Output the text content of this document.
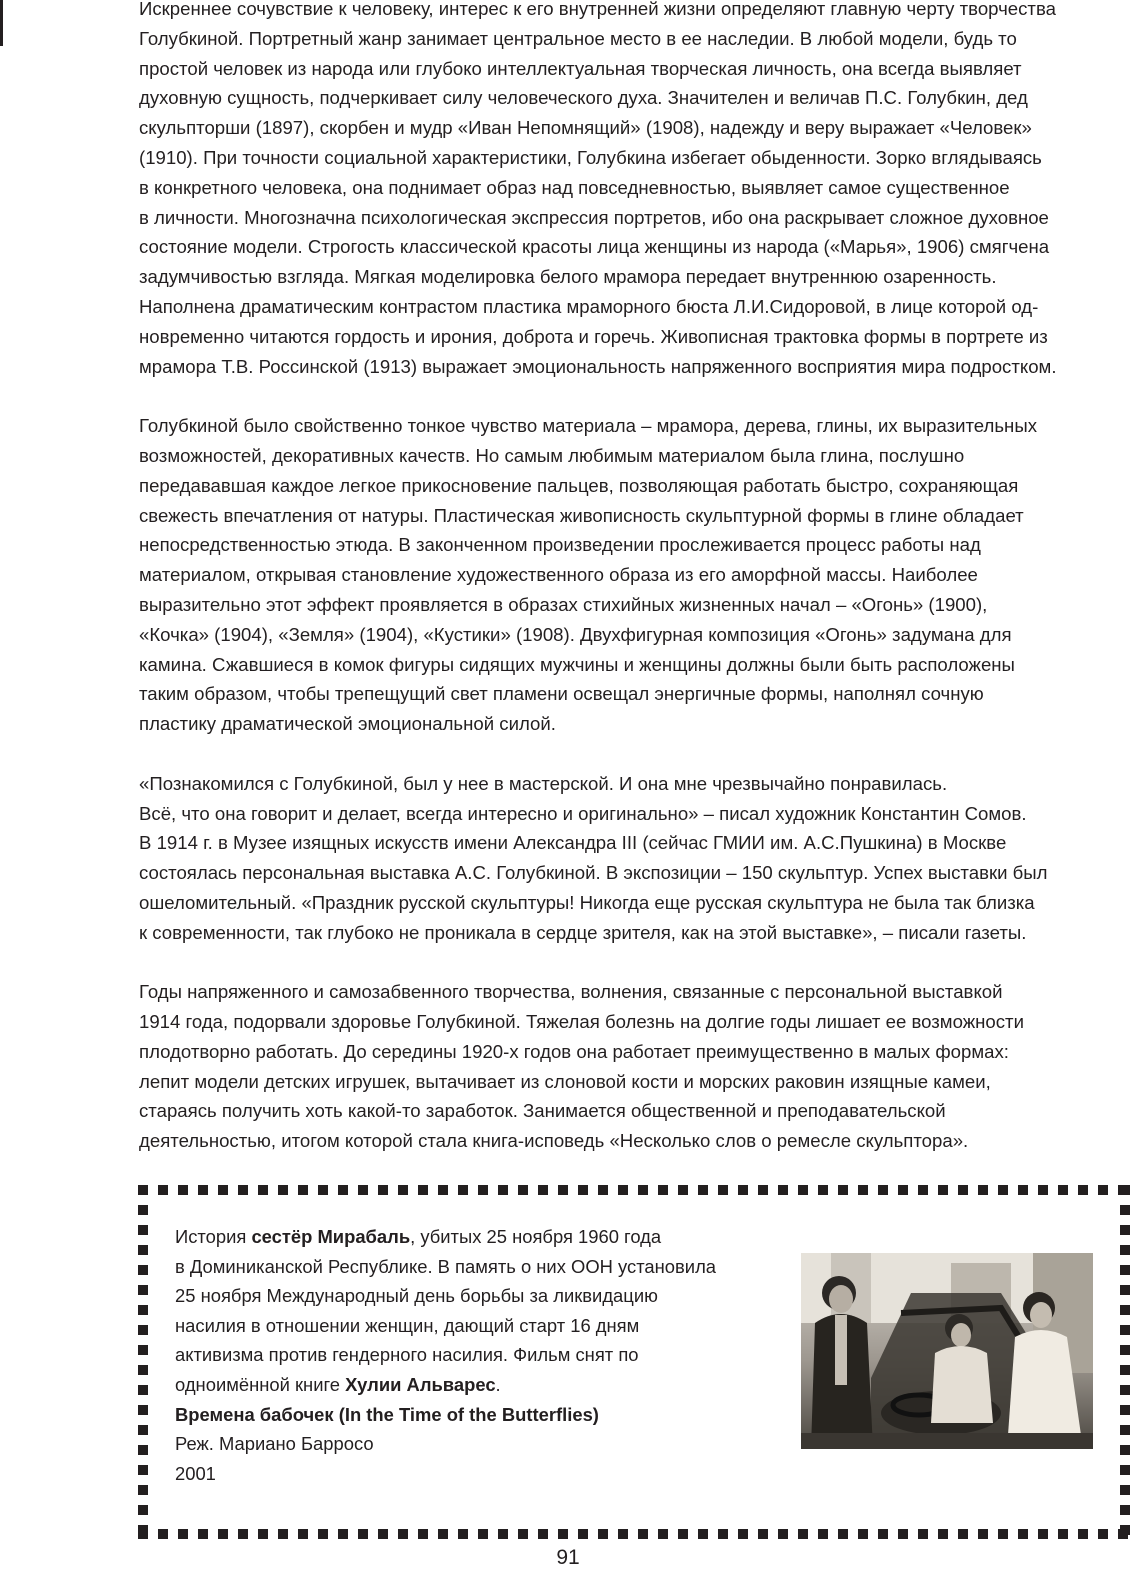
Искреннее сочувствие к человеку, интерес к его внутренней жизни определяют главную черту творчества
Голубкиной. Портретный жанр занимает центральное место в ее наследии. В любой модели, будь то
простой человек из народа или глубоко интеллектуальная творческая личность, она всегда выявляет
духовную сущность, подчеркивает силу человеческого духа. Значителен и величав П.С. Голубкин, дед
скульпторши (1897), скорбен и мудр «Иван Непомнящий» (1908), надежду и веру выражает «Человек»
(1910). При точности социальной характеристики, Голубкина избегает обыденности. Зорко вглядываясь
в конкретного человека, она поднимает образ над повседневностью, выявляет самое существенное
в личности. Многозначна психологическая экспрессия портретов, ибо она раскрывает сложное духовное
состояние модели. Строгость классической красоты лица женщины из народа («Марья», 1906) смягчена
задумчивостью взгляда. Мягкая моделировка белого мрамора передает внутреннюю озаренность.
Наполнена драматическим контрастом пластика мраморного бюста Л.И.Сидоровой, в лице которой од-
новременно читаются гордость и ирония, доброта и горечь. Живописная трактовка формы в портрете из
мрамора Т.В. Россинской (1913) выражает эмоциональность напряженного восприятия мира подростком.

Голубкиной было свойственно тонкое чувство материала – мрамора, дерева, глины, их выразительных
возможностей, декоративных качеств. Но самым любимым материалом была глина, послушно
передававшая каждое легкое прикосновение пальцев, позволяющая работать быстро, сохраняющая
свежесть впечатления от натуры. Пластическая живописность скульптурной формы в глине обладает
непосредственностью этюда. В законченном произведении прослеживается процесс работы над
материалом, открывая становление художественного образа из его аморфной массы. Наиболее
выразительно этот эффект проявляется в образах стихийных жизненных начал – «Огонь» (1900),
«Кочка» (1904), «Земля» (1904), «Кустики» (1908). Двухфигурная композиция «Огонь» задумана для
камина. Сжавшиеся в комок фигуры сидящих мужчины и женщины должны были быть расположены
таким образом, чтобы трепещущий свет пламени освещал энергичные формы, наполнял сочную
пластику драматической эмоциональной силой.

«Познакомился с Голубкиной, был у нее в мастерской. И она мне чрезвычайно понравилась.
Всё, что она говорит и делает, всегда интересно и оригинально» – писал художник Константин Сомов.
В 1914 г. в Музее изящных искусств имени Александра III (сейчас ГМИИ им. А.С.Пушкина) в Москве
состоялась персональная выставка А.С. Голубкиной. В экспозиции – 150 скульптур. Успех выставки был
ошеломительный. «Праздник русской скульптуры! Никогда еще русская скульптура не была так близка
к современности, так глубоко не проникала в сердце зрителя, как на этой выставке», – писали газеты.

Годы напряженного и самозабвенного творчества, волнения, связанные с персональной выставкой
1914 года, подорвали здоровье Голубкиной. Тяжелая болезнь на долгие годы лишает ее возможности
плодотворно работать. До середины 1920-х годов она работает преимущественно в малых формах:
лепит модели детских игрушек, вытачивает из слоновой кости и морских раковин изящные камеи,
стараясь получить хоть какой-то заработок. Занимается общественной и преподавательской
деятельностью, итогом которой стала книга-исповедь «Несколько слов о ремесле скульптора».

История сестёр Мирабаль, убитых 25 ноября 1960 года
в Доминиканской Республике. В память о них ООН установила
25 ноября Международный день борьбы за ликвидацию
насилия в отношении женщин, дающий старт 16 дням
активизма против гендерного насилия. Фильм снят по
одноимённой книге Хулии Альварес.
Времена бабочек (In the Time of the Butterflies)
Реж. Мариано Барросо
2001
91
